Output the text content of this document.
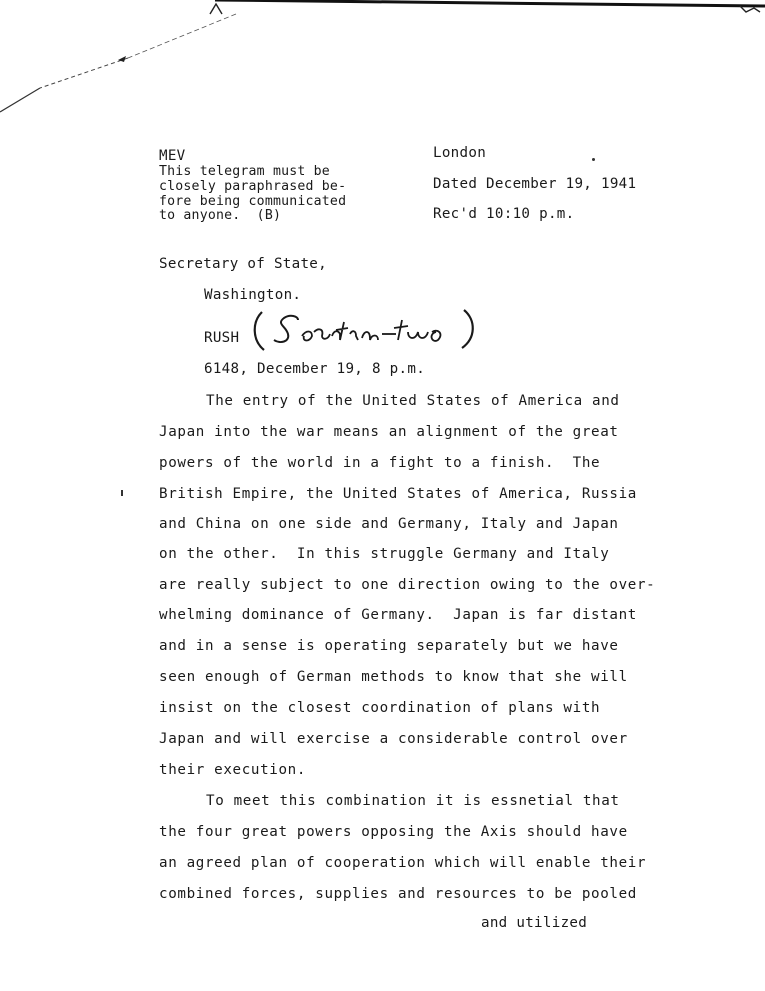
MEV
This telegram must be
closely paraphrased be-
fore being communicated
to anyone.  (B)
London
Dated December 19, 1941
Rec'd 10:10 p.m.
Secretary of State,
Washington.
RUSH
6148, December 19, 8 p.m.
The entry of the United States of America and
Japan into the war means an alignment of the great
powers of the world in a fight to a finish.  The
British Empire, the United States of America, Russia
and China on one side and Germany, Italy and Japan
on the other.  In this struggle Germany and Italy
are really subject to one direction owing to the over-
whelming dominance of Germany.  Japan is far distant
and in a sense is operating separately but we have
seen enough of German methods to know that she will
insist on the closest coordination of plans with
Japan and will exercise a considerable control over
their execution.
To meet this combination it is essnetial that
the four great powers opposing the Axis should have
an agreed plan of cooperation which will enable their
combined forces, supplies and resources to be pooled
and utilized
